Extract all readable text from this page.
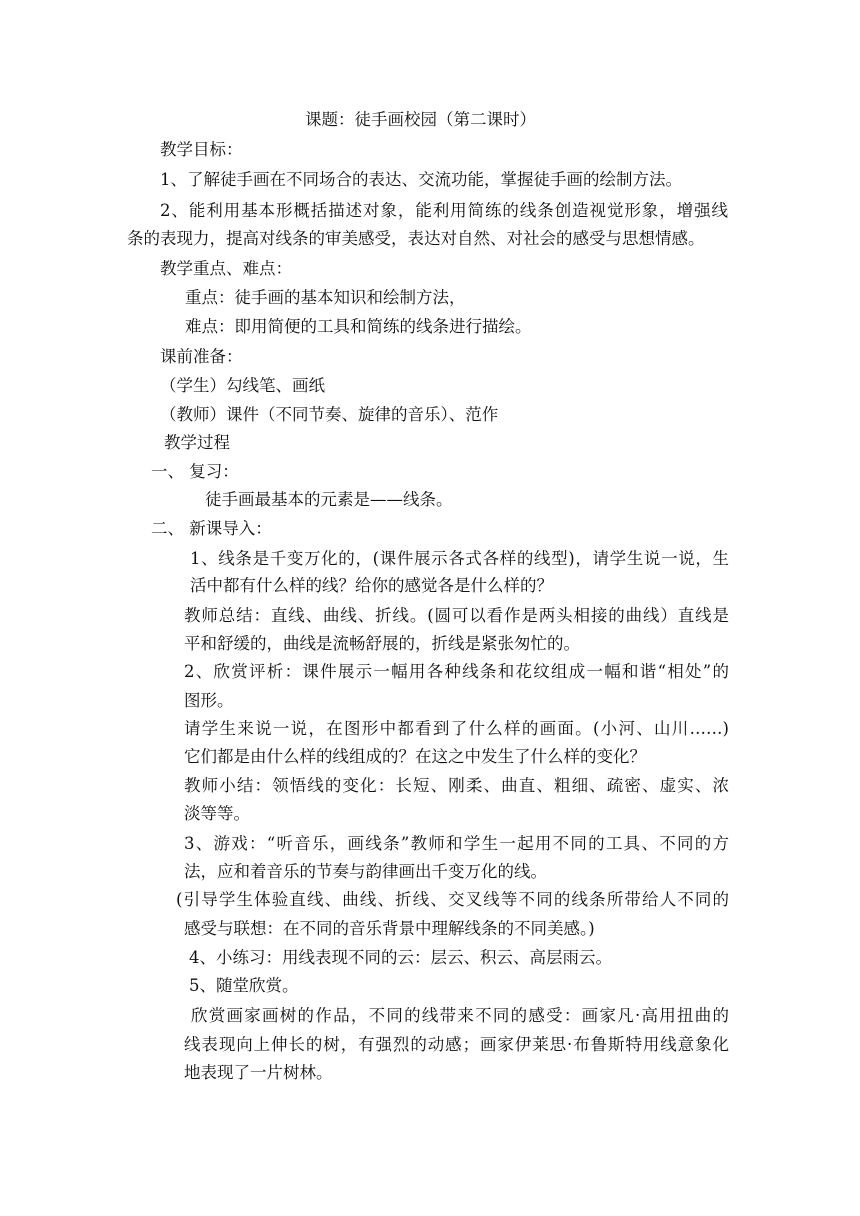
课题：徒手画校园（第二课时）
教学目标：
1、了解徒手画在不同场合的表达、交流功能，掌握徒手画的绘制方法。
2、能利用基本形概括描述对象，能利用简练的线条创造视觉形象，增强线
条的表现力，提高对线条的审美感受，表达对自然、对社会的感受与思想情感。
教学重点、难点：
重点：徒手画的基本知识和绘制方法，
难点：即用简便的工具和简练的线条进行描绘。
课前准备：
（学生）勾线笔、画纸
（教师）课件（不同节奏、旋律的音乐）、范作
教学过程
一、 复习：
徒手画最基本的元素是——线条。
二、 新课导入：
1、线条是千变万化的，(课件展示各式各样的线型)，请学生说一说，生
活中都有什么样的线？给你的感觉各是什么样的？
教师总结：直线、曲线、折线。(圆可以看作是两头相接的曲线）直线是
平和舒缓的，曲线是流畅舒展的，折线是紧张匆忙的。
2、欣赏评析：课件展示一幅用各种线条和花纹组成一幅和谐“相处”的
图形。
请学生来说一说，在图形中都看到了什么样的画面。(小河、山川……)
它们都是由什么样的线组成的？在这之中发生了什么样的变化？
教师小结：领悟线的变化：长短、刚柔、曲直、粗细、疏密、虚实、浓
淡等等。
3、游戏：“听音乐，画线条”教师和学生一起用不同的工具、不同的方
法，应和着音乐的节奏与韵律画出千变万化的线。
(引导学生体验直线、曲线、折线、交叉线等不同的线条所带给人不同的
感受与联想：在不同的音乐背景中理解线条的不同美感。)
4、小练习：用线表现不同的云：层云、积云、高层雨云。
5、随堂欣赏。
欣赏画家画树的作品，不同的线带来不同的感受：画家凡·高用扭曲的
线表现向上伸长的树，有强烈的动感；画家伊莱思·布鲁斯特用线意象化
地表现了一片树林。
